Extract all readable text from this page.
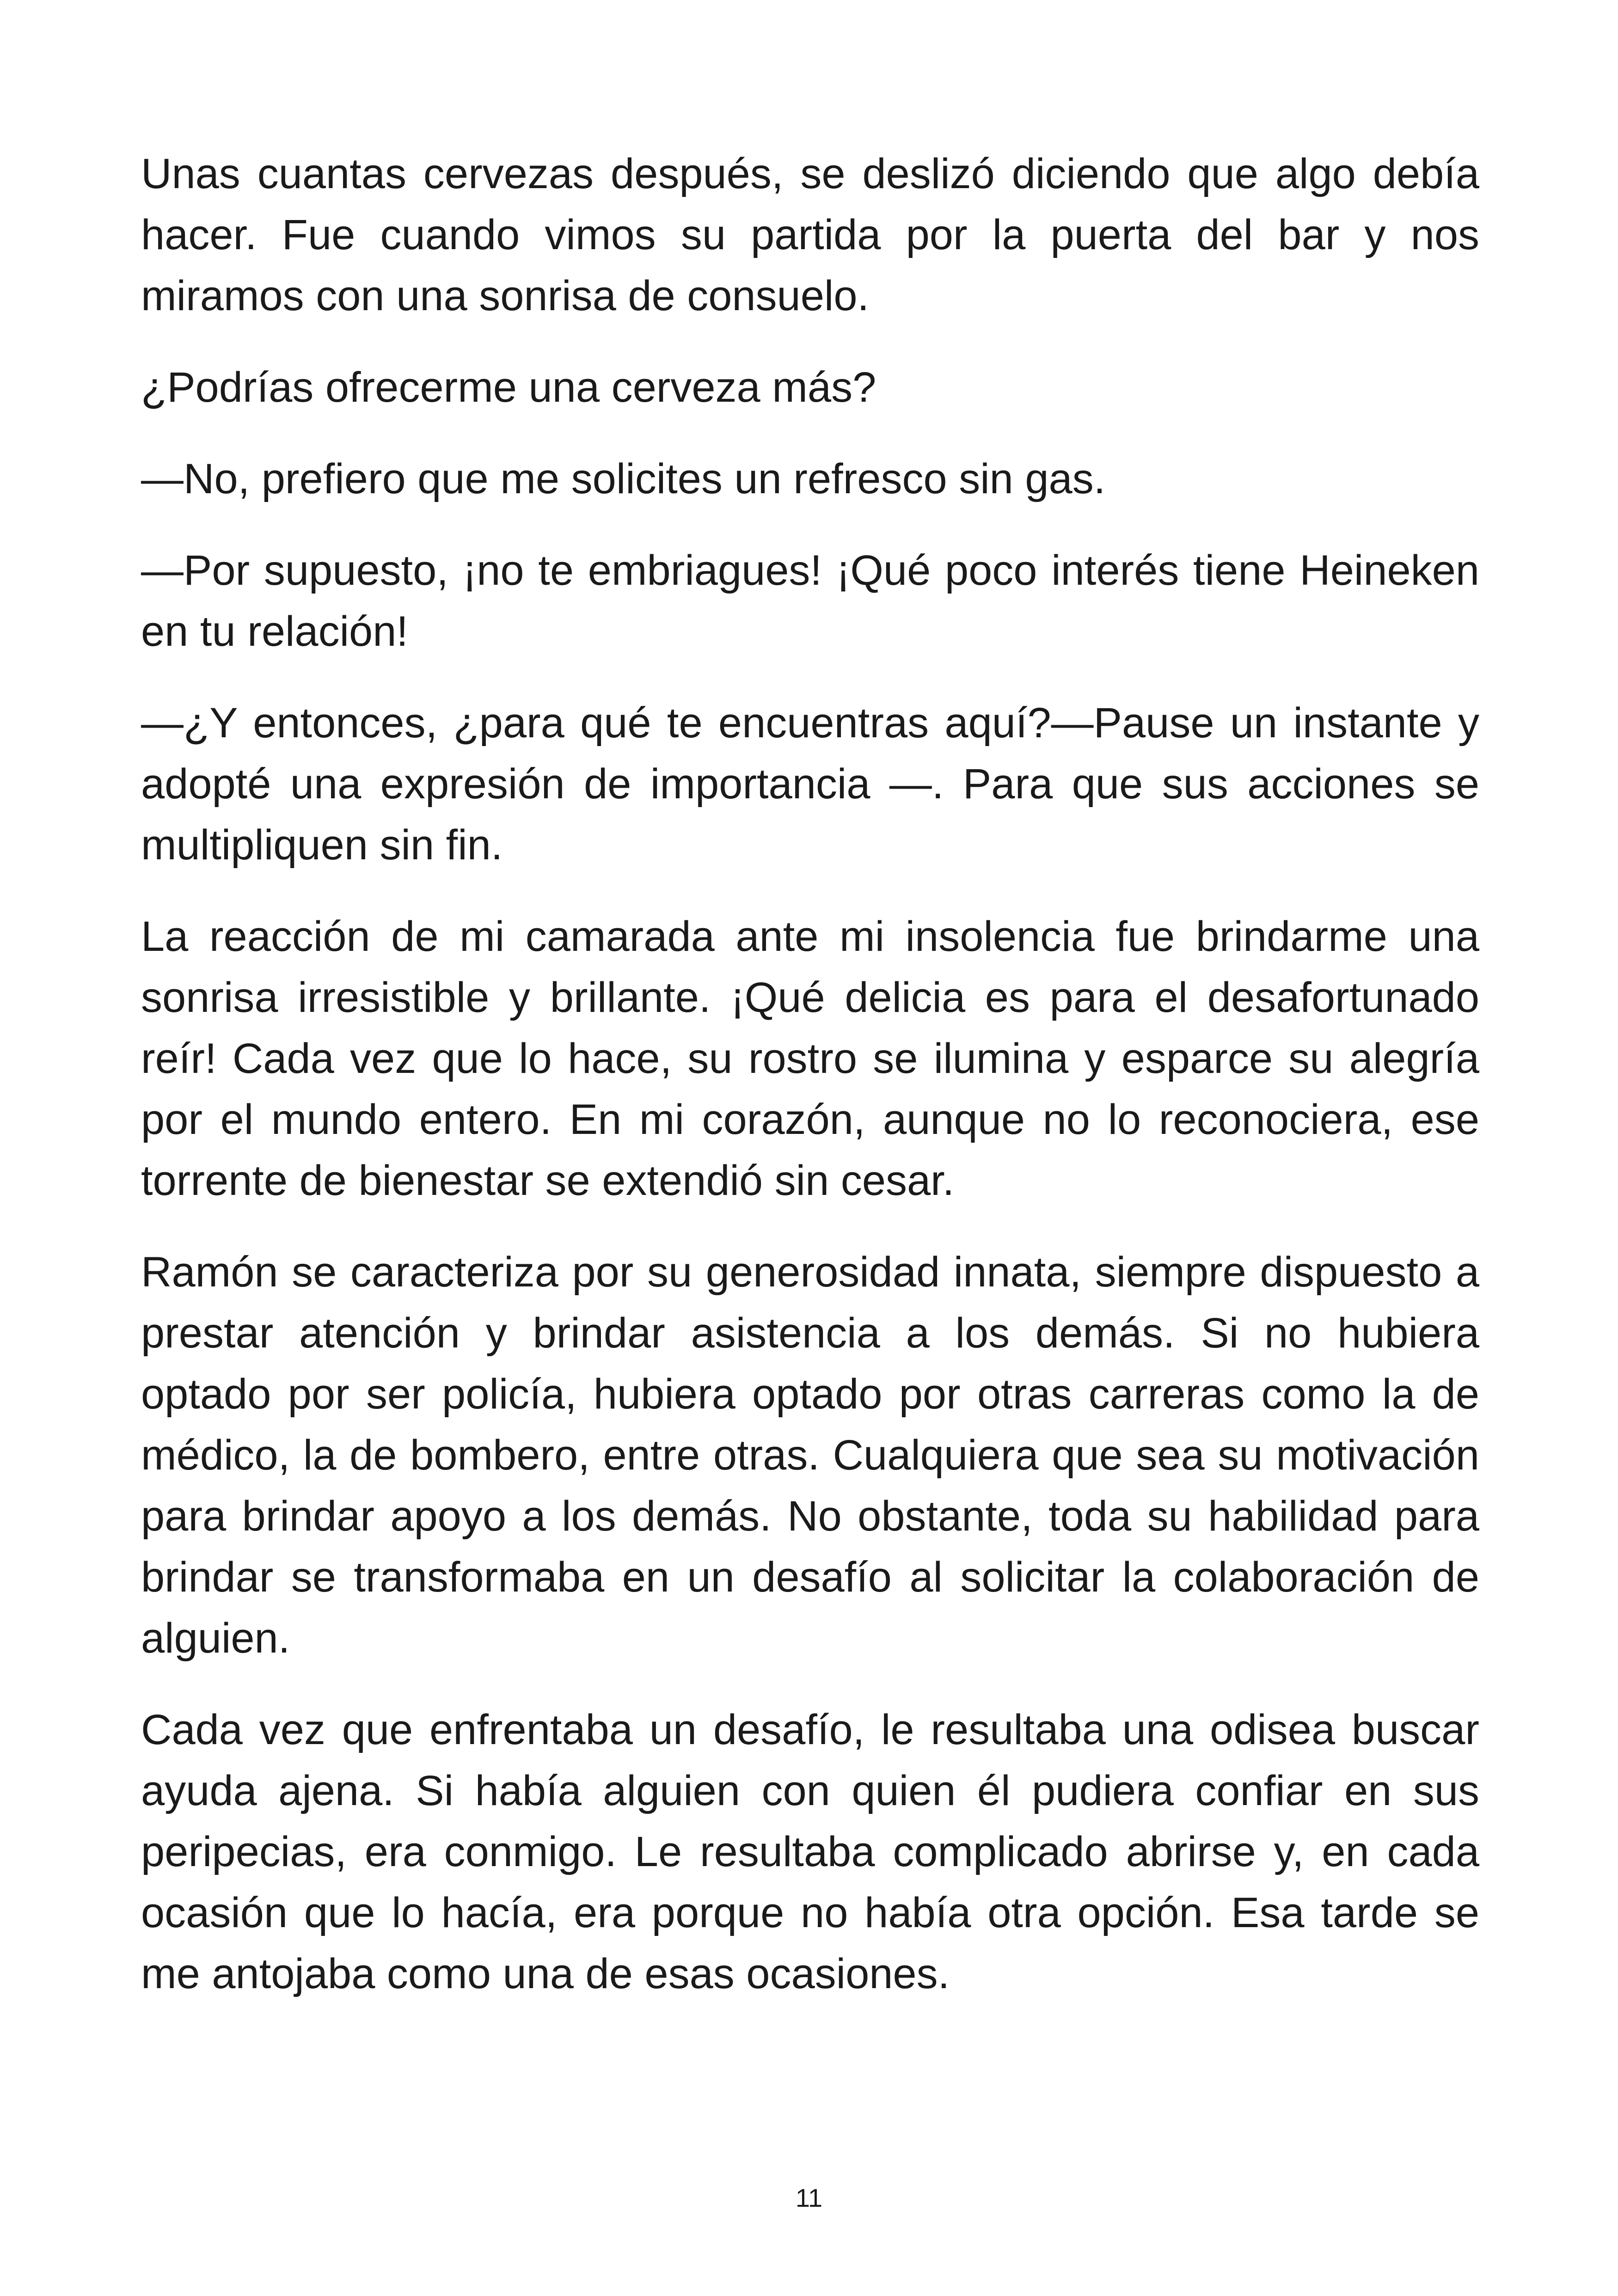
Unas cuantas cervezas después, se deslizó diciendo que algo debía hacer. Fue cuando vimos su partida por la puerta del bar y nos miramos con una sonrisa de consuelo.

¿Podrías ofrecerme una cerveza más?

—No, prefiero que me solicites un refresco sin gas.

—Por supuesto, ¡no te embriagues! ¡Qué poco interés tiene Heineken en tu relación!

—¿Y entonces, ¿para qué te encuentras aquí?—Pause un instante y adopté una expresión de importancia —. Para que sus acciones se multipliquen sin fin.

La reacción de mi camarada ante mi insolencia fue brindarme una sonrisa irresistible y brillante. ¡Qué delicia es para el desafortunado reír! Cada vez que lo hace, su rostro se ilumina y esparce su alegría por el mundo entero. En mi corazón, aunque no lo reconociera, ese torrente de bienestar se extendió sin cesar.

Ramón se caracteriza por su generosidad innata, siempre dispuesto a prestar atención y brindar asistencia a los demás. Si no hubiera optado por ser policía, hubiera optado por otras carreras como la de médico, la de bombero, entre otras. Cualquiera que sea su motivación para brindar apoyo a los demás. No obstante, toda su habilidad para brindar se transformaba en un desafío al solicitar la colaboración de alguien.

Cada vez que enfrentaba un desafío, le resultaba una odisea buscar ayuda ajena. Si había alguien con quien él pudiera confiar en sus peripecias, era conmigo. Le resultaba complicado abrirse y, en cada ocasión que lo hacía, era porque no había otra opción. Esa tarde se me antojaba como una de esas ocasiones.

11
